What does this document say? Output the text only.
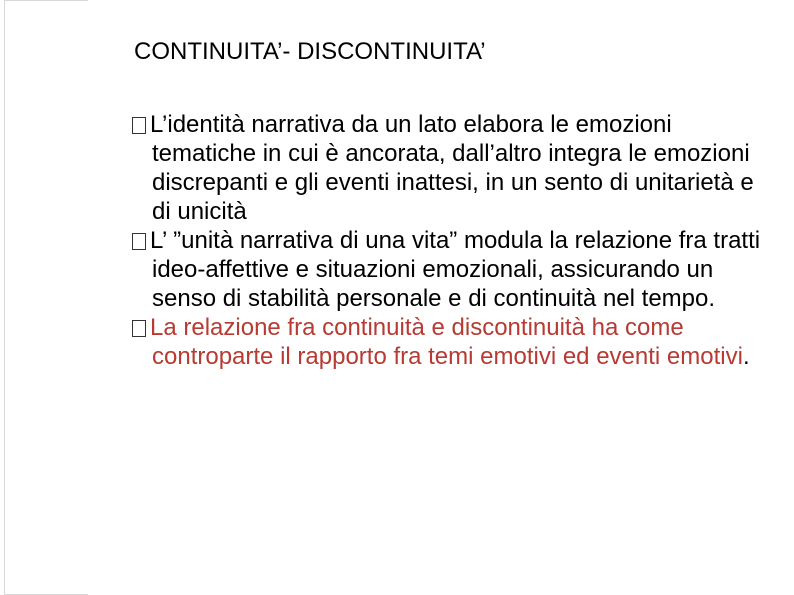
CONTINUITA’- DISCONTINUITA’

L’identità narrativa da un lato elabora le emozioni tematiche in cui è ancorata, dall’altro integra le emozioni discrepanti e gli eventi inattesi, in un sento di unitarietà e di unicità

L’ ”unità narrativa di una vita” modula la relazione fra tratti ideo-affettive e situazioni emozionali, assicurando un senso di stabilità personale e di continuità nel tempo.

La relazione fra continuità e discontinuità ha come controparte il rapporto fra temi emotivi ed eventi emotivi.
